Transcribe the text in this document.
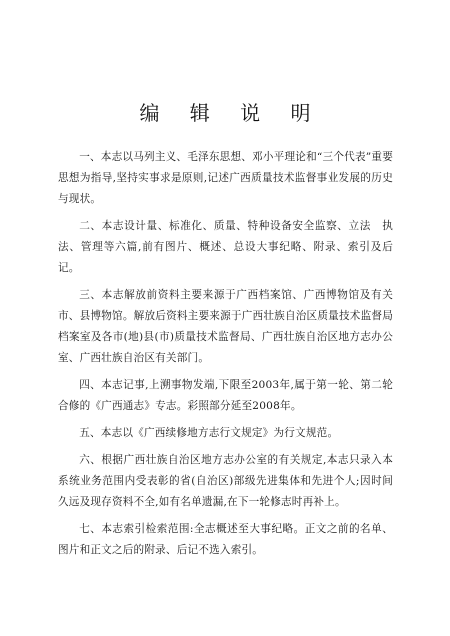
编 辑 说 明

一、本志以马列主义、毛泽东思想、邓小平理论和“三个代表”重要思想为指导,坚持实事求是原则,记述广西质量技术监督事业发展的历史与现状。

二、本志设计量、标准化、质量、特种设备安全监察、立法　执法、管理等六篇,前有图片、概述、总设大事纪略、附录、索引及后记。

三、本志解放前资料主要来源于广西档案馆、广西博物馆及有关市、县博物馆。解放后资料主要来源于广西壮族自治区质量技术监督局档案室及各市(地)县(市)质量技术监督局、广西壮族自治区地方志办公室、广西壮族自治区有关部门。

四、本志记事,上溯事物发端,下限至2003年,属于第一轮、第二轮合修的《广西通志》专志。彩照部分延至2008年。

五、本志以《广西续修地方志行文规定》为行文规范。

六、根据广西壮族自治区地方志办公室的有关规定,本志只录入本系统业务范围内受表彰的省(自治区)部级先进集体和先进个人;因时间久远及现存资料不全,如有名单遗漏,在下一轮修志时再补上。

七、本志索引检索范围:全志概述至大事纪略。正文之前的名单、图片和正文之后的附录、后记不选入索引。
